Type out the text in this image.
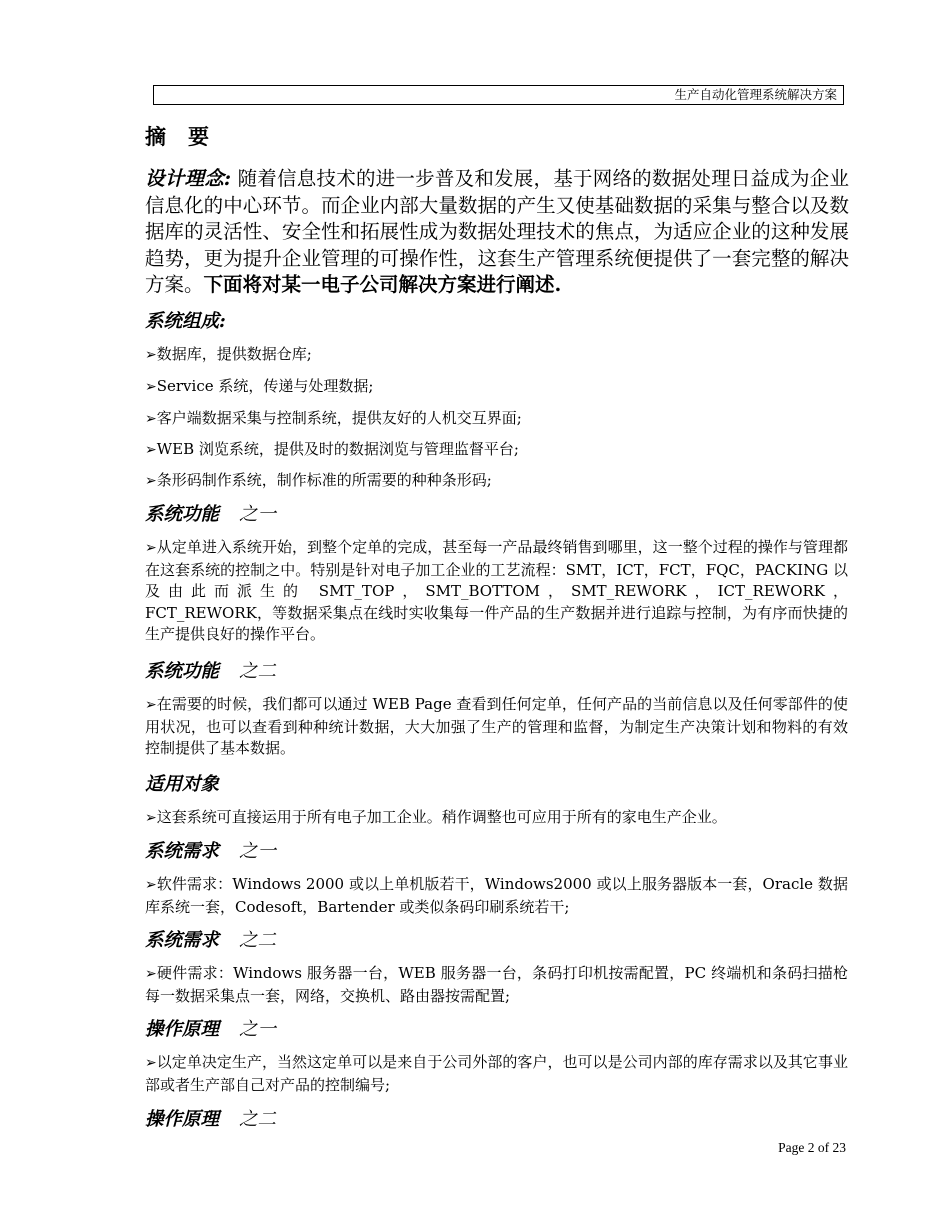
生产自动化管理系统解决方案
摘要
设计理念: 随着信息技术的进一步普及和发展，基于网络的数据处理日益成为企业信息化的中心环节。而企业内部大量数据的产生又使基础数据的采集与整合以及数据库的灵活性、安全性和拓展性成为数据处理技术的焦点，为适应企业的这种发展趋势，更为提升企业管理的可操作性，这套生产管理系统便提供了一套完整的解决方案。下面将对某一电子公司解决方案进行阐述.
系统组成:
➢数据库，提供数据仓库;
➢Service 系统，传递与处理数据;
➢客户端数据采集与控制系统，提供友好的人机交互界面;
➢WEB 浏览系统，提供及时的数据浏览与管理监督平台;
➢条形码制作系统，制作标准的所需要的种种条形码;
系统功能 之一
➢从定单进入系统开始，到整个定单的完成，甚至每一产品最终销售到哪里，这一整个过程的操作与管理都在这套系统的控制之中。特别是针对电子加工企业的工艺流程：SMT，ICT，FCT，FQC，PACKING 以及由此而派生的 SMT_TOP，SMT_BOTTOM，SMT_REWORK，ICT_REWORK，FCT_REWORK，等数据采集点在线时实收集每一件产品的生产数据并进行追踪与控制，为有序而快捷的生产提供良好的操作平台。
系统功能 之二
➢在需要的时候，我们都可以通过 WEB Page 查看到任何定单，任何产品的当前信息以及任何零部件的使用状况，也可以查看到种种统计数据，大大加强了生产的管理和监督，为制定生产决策计划和物料的有效控制提供了基本数据。
适用对象
➢这套系统可直接运用于所有电子加工企业。稍作调整也可应用于所有的家电生产企业。
系统需求 之一
➢软件需求：Windows 2000 或以上单机版若干，Windows2000 或以上服务器版本一套，Oracle 数据库系统一套，Codesoft，Bartender 或类似条码印刷系统若干;
系统需求 之二
➢硬件需求：Windows 服务器一台，WEB 服务器一台，条码打印机按需配置，PC 终端机和条码扫描枪每一数据采集点一套，网络，交换机、路由器按需配置;
操作原理 之一
➢以定单决定生产，当然这定单可以是来自于公司外部的客户，也可以是公司内部的库存需求以及其它事业部或者生产部自己对产品的控制编号;
操作原理 之二
Page 2 of 23
